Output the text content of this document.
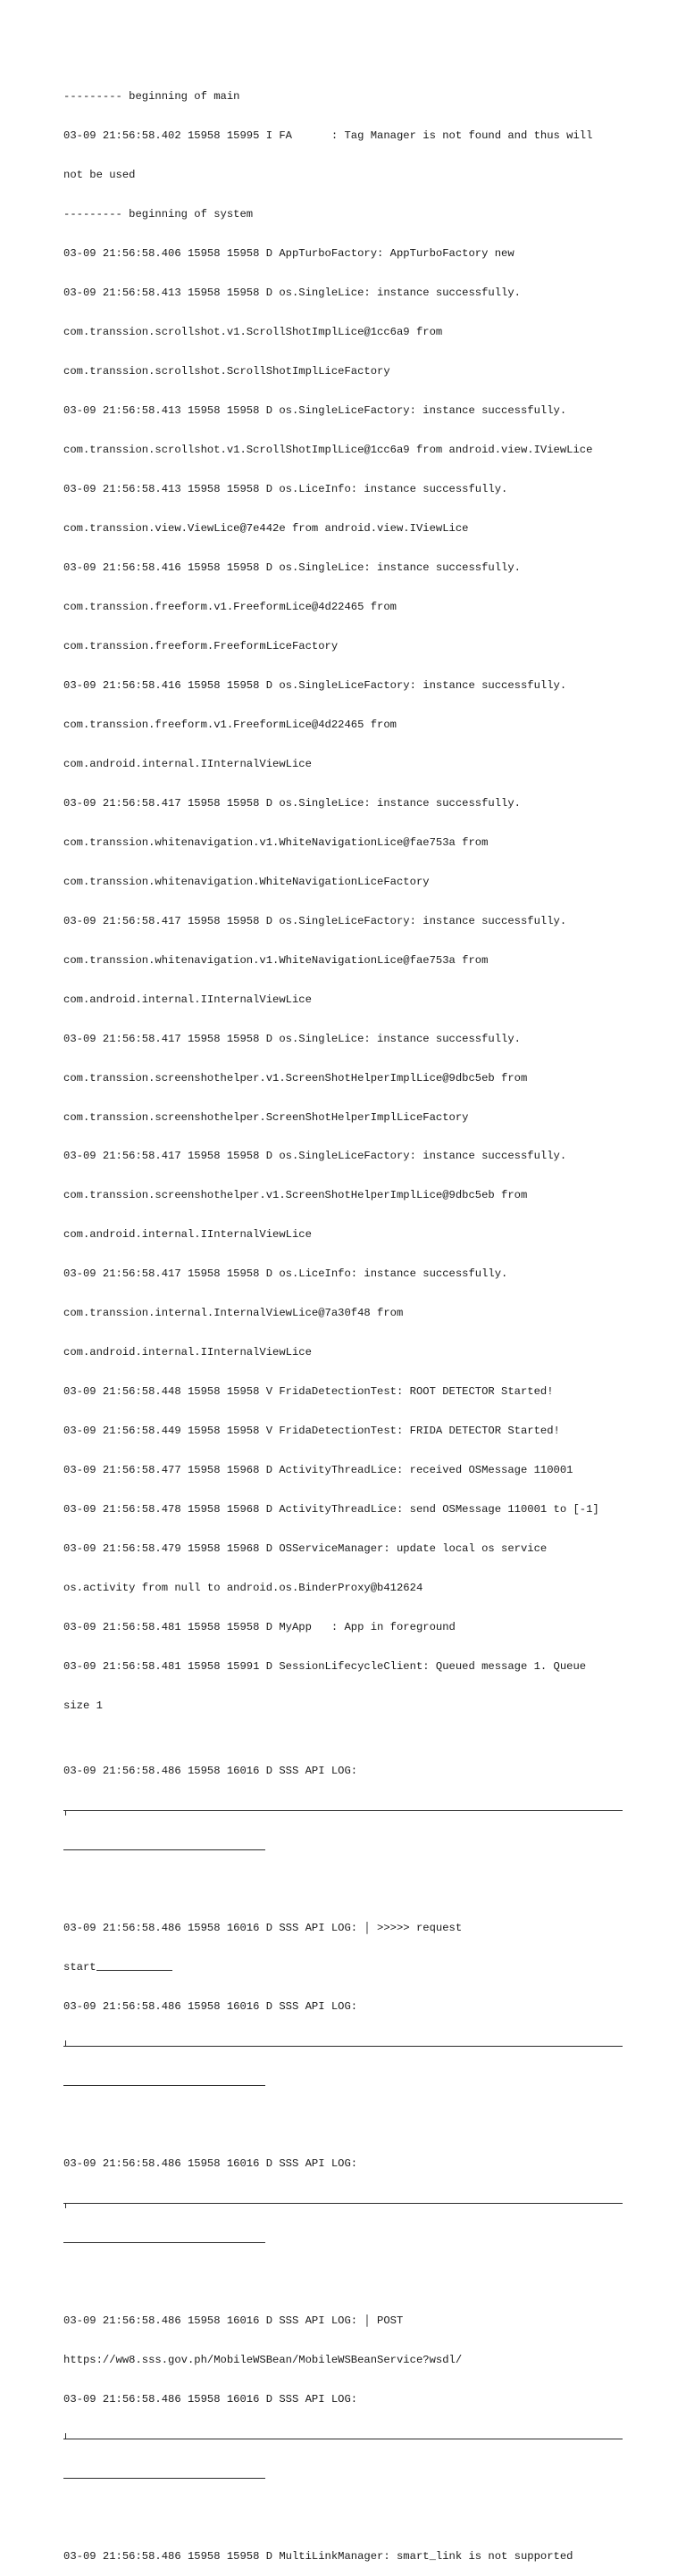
--------- beginning of main

03-09 21:56:58.402 15958 15995 I FA      : Tag Manager is not found and thus will

not be used

--------- beginning of system

03-09 21:56:58.406 15958 15958 D AppTurboFactory: AppTurboFactory new

03-09 21:56:58.413 15958 15958 D os.SingleLice: instance successfully.

com.transsion.scrollshot.v1.ScrollShotImplLice@1cc6a9 from

com.transsion.scrollshot.ScrollShotImplLiceFactory

03-09 21:56:58.413 15958 15958 D os.SingleLiceFactory: instance successfully.

com.transsion.scrollshot.v1.ScrollShotImplLice@1cc6a9 from android.view.IViewLice

03-09 21:56:58.413 15958 15958 D os.LiceInfo: instance successfully.

com.transsion.view.ViewLice@7e442e from android.view.IViewLice

03-09 21:56:58.416 15958 15958 D os.SingleLice: instance successfully.

com.transsion.freeform.v1.FreeformLice@4d22465 from

com.transsion.freeform.FreeformLiceFactory

03-09 21:56:58.416 15958 15958 D os.SingleLiceFactory: instance successfully.

com.transsion.freeform.v1.FreeformLice@4d22465 from

com.android.internal.IInternalViewLice

03-09 21:56:58.417 15958 15958 D os.SingleLice: instance successfully.

com.transsion.whitenavigation.v1.WhiteNavigationLice@fae753a from

com.transsion.whitenavigation.WhiteNavigationLiceFactory

03-09 21:56:58.417 15958 15958 D os.SingleLiceFactory: instance successfully.

com.transsion.whitenavigation.v1.WhiteNavigationLice@fae753a from

com.android.internal.IInternalViewLice

03-09 21:56:58.417 15958 15958 D os.SingleLice: instance successfully.

com.transsion.screenshothelper.v1.ScreenShotHelperImplLice@9dbc5eb from

com.transsion.screenshothelper.ScreenShotHelperImplLiceFactory

03-09 21:56:58.417 15958 15958 D os.SingleLiceFactory: instance successfully.

com.transsion.screenshothelper.v1.ScreenShotHelperImplLice@9dbc5eb from

com.android.internal.IInternalViewLice

03-09 21:56:58.417 15958 15958 D os.LiceInfo: instance successfully.

com.transsion.internal.InternalViewLice@7a30f48 from

com.android.internal.IInternalViewLice

03-09 21:56:58.448 15958 15958 V FridaDetectionTest: ROOT DETECTOR Started!

03-09 21:56:58.449 15958 15958 V FridaDetectionTest: FRIDA DETECTOR Started!

03-09 21:56:58.477 15958 15968 D ActivityThreadLice: received OSMessage 110001

03-09 21:56:58.478 15958 15968 D ActivityThreadLice: send OSMessage 110001 to [-1]

03-09 21:56:58.479 15958 15968 D OSServiceManager: update local os service

os.activity from null to android.os.BinderProxy@b412624

03-09 21:56:58.481 15958 15958 D MyApp   : App in foreground

03-09 21:56:58.481 15958 15991 D SessionLifecycleClient: Queued message 1. Queue

size 1

03-09 21:56:58.486 15958 16016 D SSS API LOG:

03-09 21:56:58.486 15958 16016 D SSS API LOG: │ >>>>> request

start

03-09 21:56:58.486 15958 16016 D SSS API LOG:

03-09 21:56:58.486 15958 16016 D SSS API LOG:

03-09 21:56:58.486 15958 16016 D SSS API LOG: │ POST

https://ww8.sss.gov.ph/MobileWSBean/MobileWSBeanService?wsdl/

03-09 21:56:58.486 15958 16016 D SSS API LOG:

03-09 21:56:58.486 15958 15958 D MultiLinkManager: smart_link is not supported
